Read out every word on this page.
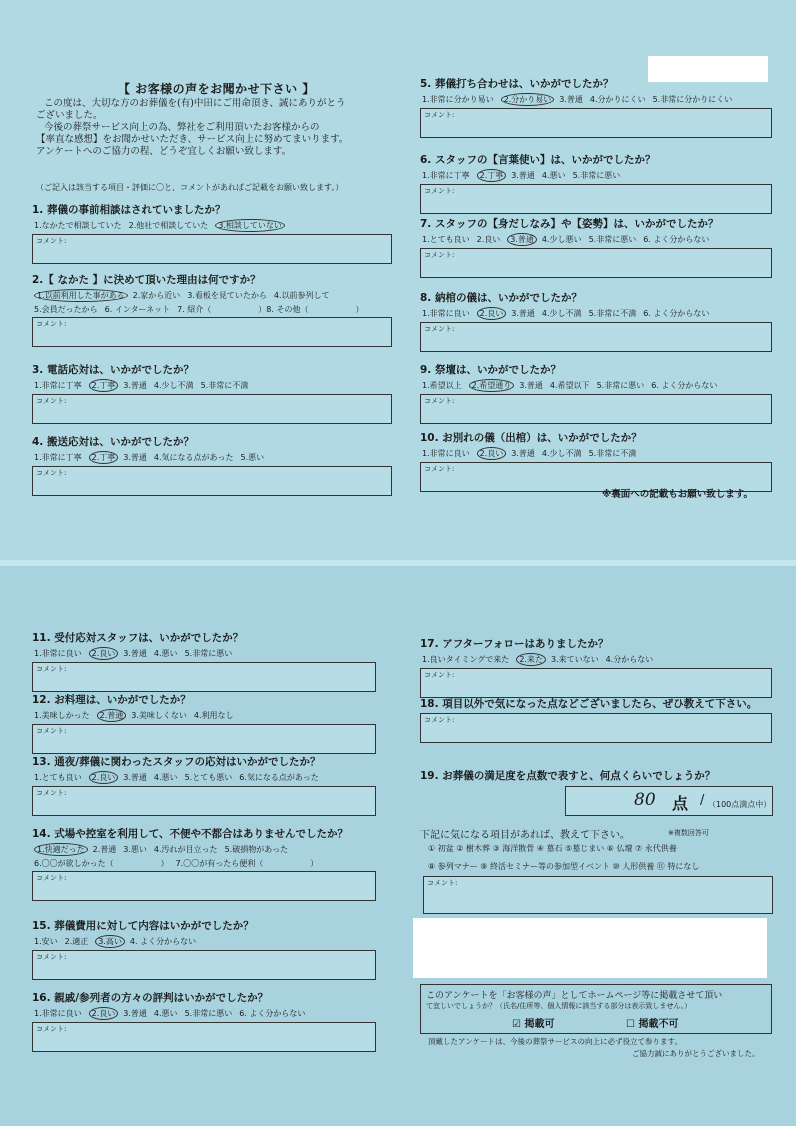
【 お客様の声をお聞かせ下さい 】
この度は、大切な方のお葬儀を(有)中田にご用命頂き、誠にありがとう
ございました。
今後の葬祭サービス向上の為、弊社をご利用頂いたお客様からの
【率直な感想】をお聞かせいただき、サービス向上に努めてまいります。
アンケートへのご協力の程、どうぞ宜しくお願い致します。
（ご記入は該当する項目・評価に〇と、コメントがあればご記載をお願い致します。）
1. 葬儀の事前相談はされていましたか？
1.なかたで相談していた 2.他社で相談していた 3.相談していない
コメント:
2.【 なかた 】に決めて頂いた理由は何ですか？
1.以前利用した事がある 2.家から近い 3.看板を見ていたから 4.以前参列して
5.会員だったから 6. インターネット 7. 紹介（	）8. その他（	）
コメント:
3. 電話応対は、いかがでしたか？
1.非常に丁寧 2.丁寧 3.普通 4.少し不満 5.非常に不満
コメント:
4. 搬送応対は、いかがでしたか？
1.非常に丁寧 2.丁寧 3.普通 4.気になる点があった 5.悪い
コメント:
5. 葬儀打ち合わせは、いかがでしたか？
1.非常に分かり易い 2.分かり易い 3.普通 4.分かりにくい 5.非常に分かりにくい
コメント:
6. スタッフの【言葉使い】は、いかがでしたか？
1.非常に丁寧 2.丁寧 3.普通 4.悪い 5.非常に悪い
コメント:
7. スタッフの【身だしなみ】や【姿勢】は、いかがでしたか？
1.とても良い 2.良い 3.普通 4.少し悪い 5.非常に悪い 6. よく分からない
コメント:
8. 納棺の儀は、いかがでしたか？
1.非常に良い 2.良い 3.普通 4.少し不満 5.非常に不満 6. よく分からない
コメント:
9. 祭壇は、いかがでしたか？
1.希望以上 2.希望通り 3.普通 4.希望以下 5.非常に悪い 6. よく分からない
コメント:
10. お別れの儀（出棺）は、いかがでしたか？
1.非常に良い 2.良い 3.普通 4.少し不満 5.非常に不満
コメント:
※裏面への記載もお願い致します。
11. 受付応対スタッフは、いかがでしたか？
1.非常に良い 2.良い 3.普通 4.悪い 5.非常に悪い
コメント:
12. お料理は、いかがでしたか？
1.美味しかった 2.普通 3.美味しくない 4.利用なし
コメント:
13. 通夜/葬儀に関わったスタッフの応対はいかがでしたか？
1.とても良い 2.良い 3.普通 4.悪い 5.とても悪い 6.気になる点があった
コメント:
14. 式場や控室を利用して、不便や不都合はありませんでしたか？
1.快適だった 2.普通 3.悪い 4.汚れが目立った 5.破損物があった
6.〇〇が欲しかった（	） 7.〇〇が有ったら便利（	）
コメント:
15. 葬儀費用に対して内容はいかがでしたか？
1.安い 2.適正 3.高い 4. よく分からない
コメント:
16. 親戚/参列者の方々の評判はいかがでしたか？
1.非常に良い 2.良い 3.普通 4.悪い 5.非常に悪い 6. よく分からない
コメント:
17. アフターフォローはありましたか？
1.良いタイミングで来た 2.来た 3.来ていない 4.分からない
コメント:
18. 項目以外で気になった点などございましたら、ぜひ教えて下さい。
コメント:
19. お葬儀の満足度を点数で表すと、何点くらいでしょうか？
80 点 / （100点満点中）
下記に気になる項目があれば、教えて下さい。	※複数回答可
① 初盆 ② 樹木葬 ③ 海洋散骨 ④ 墓石 ⑤墓じまい ⑥ 仏壇 ⑦ 永代供養
⑧ 参列マナー ⑨ 終活セミナー等の参加型イベント ⑩ 人形供養 ⑪ 特になし
コメント:
このアンケートを「お客様の声」としてホームページ等に掲載させて頂い
て宜しいでしょうか？（氏名/住所等、個人情報に該当する部分は表示致しません。）
☑ 掲載可	☐ 掲載不可
頂戴したアンケートは、今後の葬祭サービスの向上に必ず役立て参ります。
ご協力誠にありがとうございました。
